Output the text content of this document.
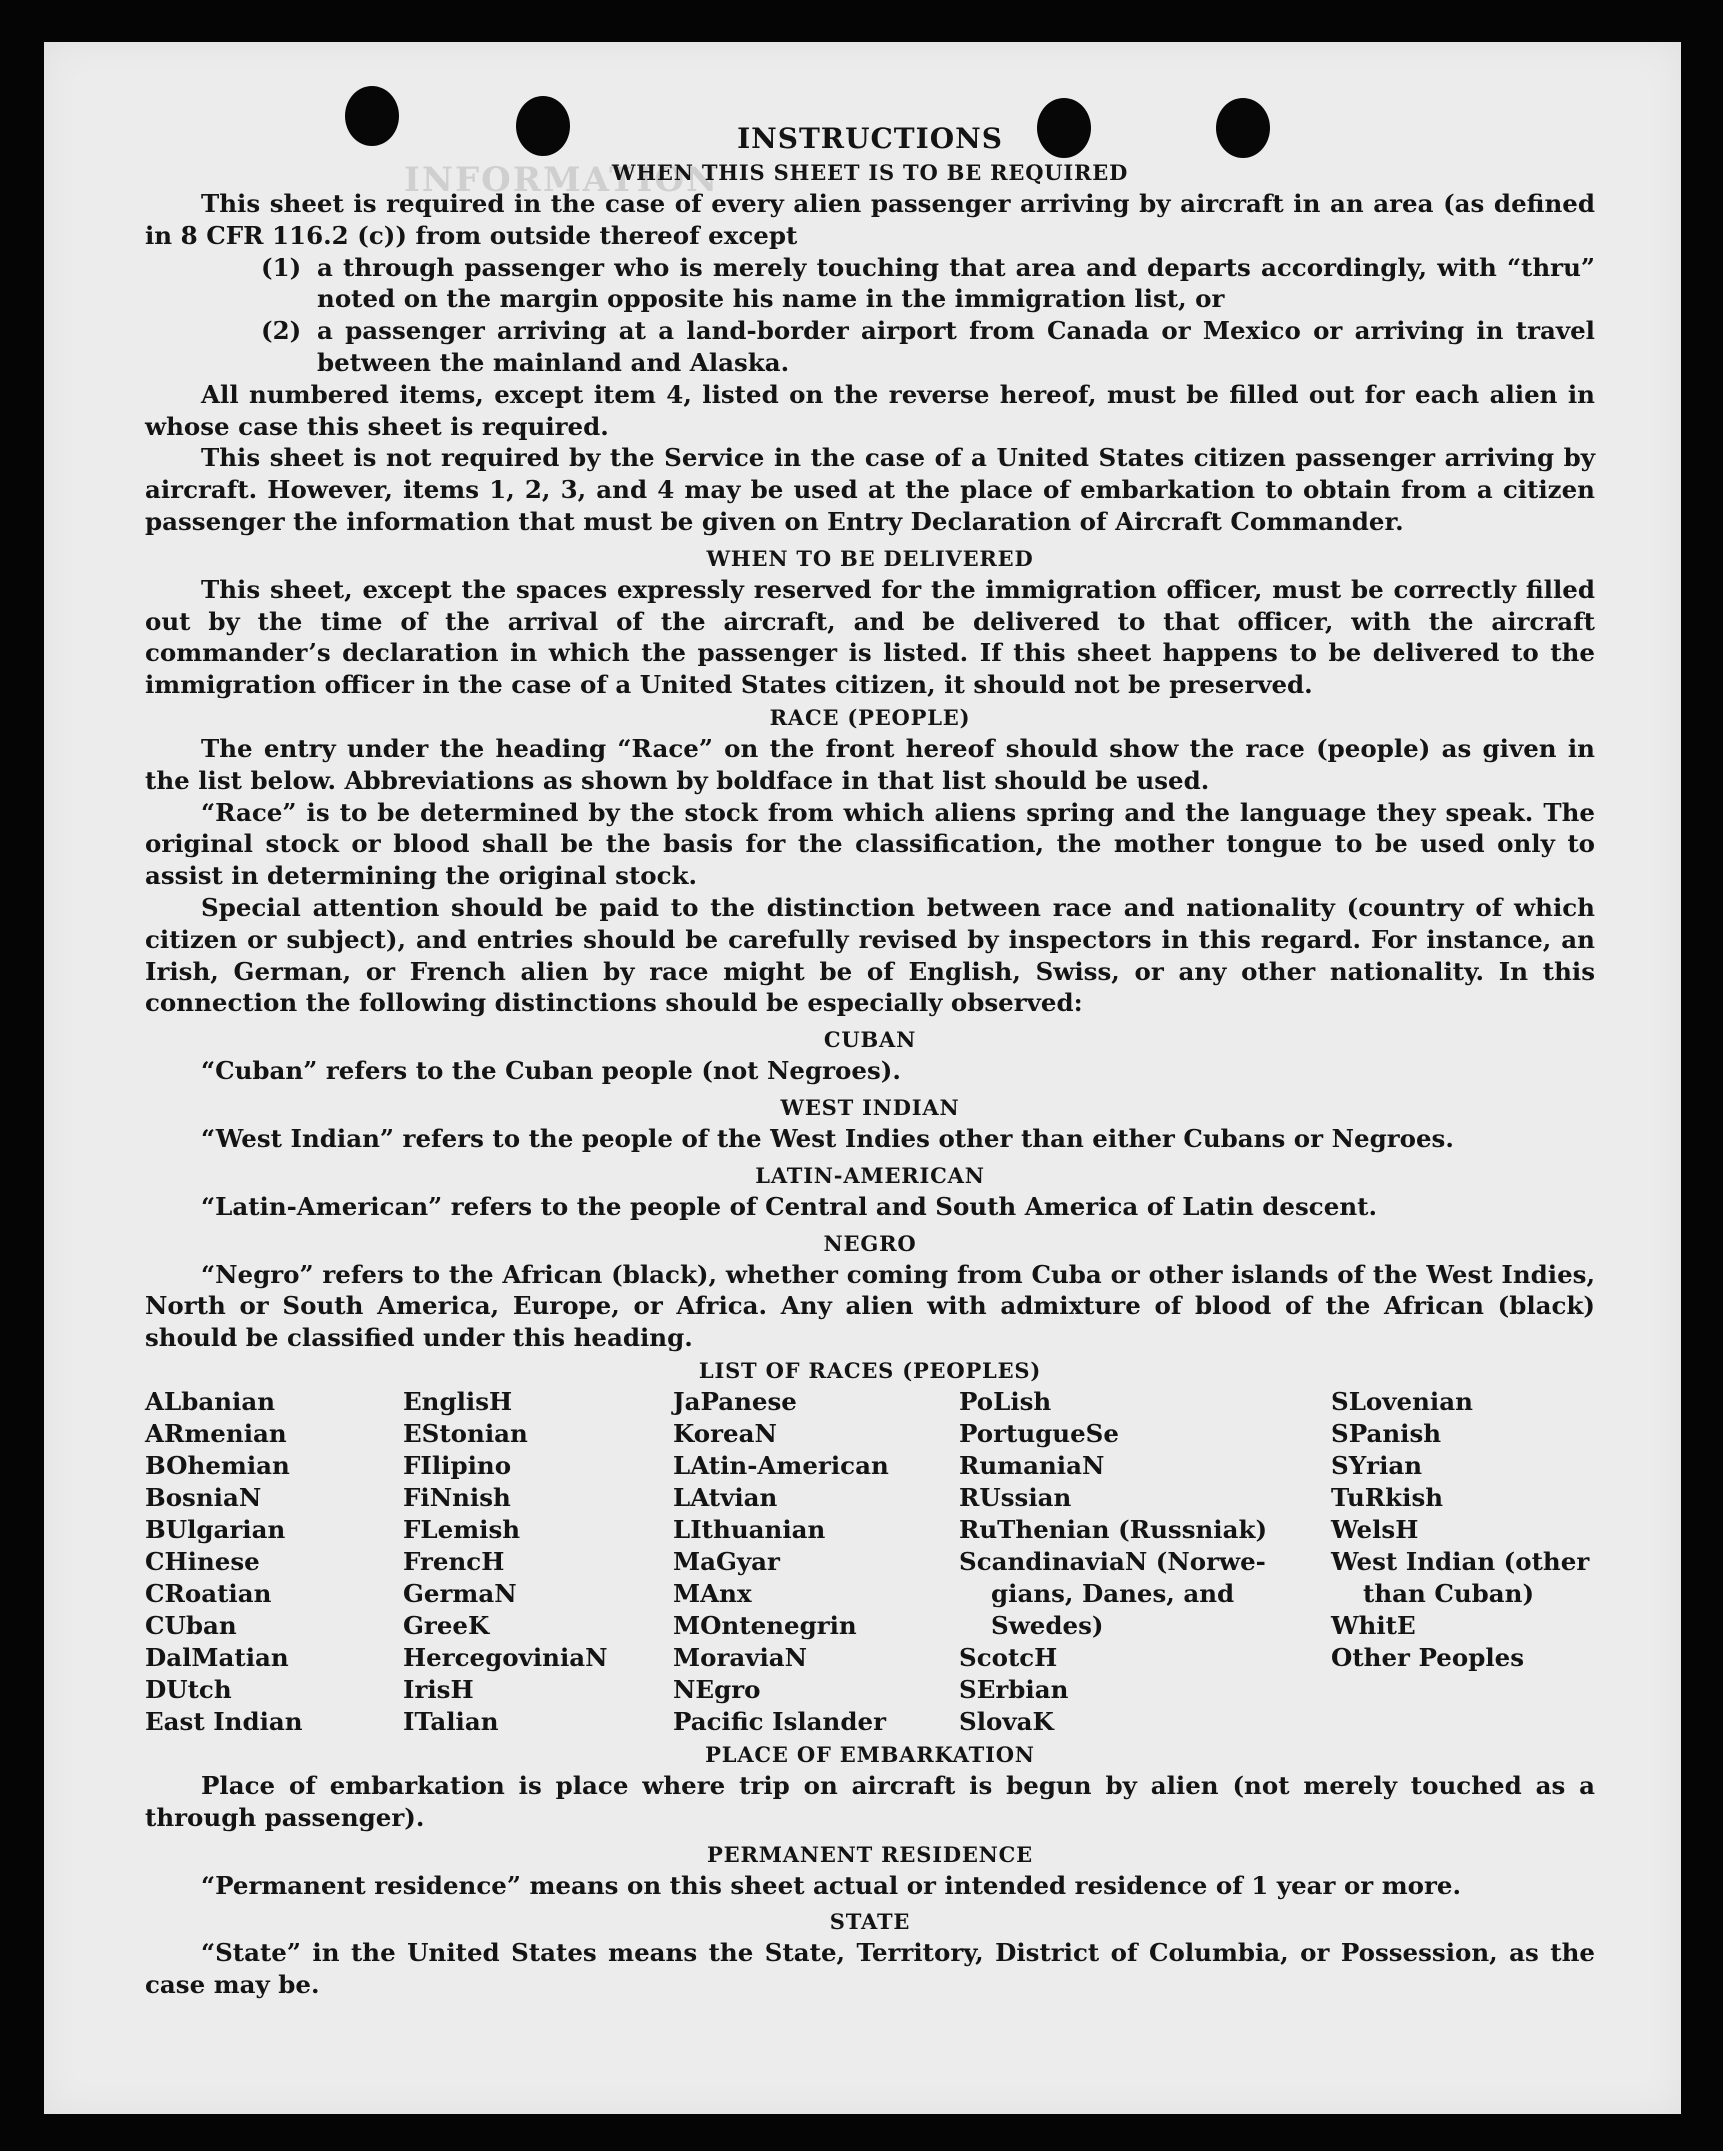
INFORMATION
INSTRUCTIONS
WHEN THIS SHEET IS TO BE REQUIRED

This sheet is required in the case of every alien passenger arriving by aircraft in an area (as defined in 8 CFR 116.2 (c)) from outside thereof except

(1) a through passenger who is merely touching that area and departs accordingly, with “thru” noted on the margin opposite his name in the immigration list, or
(2) a passenger arriving at a land-border airport from Canada or Mexico or arriving in travel between the mainland and Alaska.

All numbered items, except item 4, listed on the reverse hereof, must be filled out for each alien in whose case this sheet is required.

This sheet is not required by the Service in the case of a United States citizen passenger arriving by aircraft. However, items 1, 2, 3, and 4 may be used at the place of embarkation to obtain from a citizen passenger the information that must be given on Entry Declaration of Aircraft Commander.

WHEN TO BE DELIVERED

This sheet, except the spaces expressly reserved for the immigration officer, must be correctly filled out by the time of the arrival of the aircraft, and be delivered to that officer, with the aircraft commander’s declaration in which the passenger is listed. If this sheet happens to be delivered to the immigration officer in the case of a United States citizen, it should not be preserved.

RACE (PEOPLE)

The entry under the heading “Race” on the front hereof should show the race (people) as given in the list below. Abbreviations as shown by boldface in that list should be used.

“Race” is to be determined by the stock from which aliens spring and the language they speak. The original stock or blood shall be the basis for the classification, the mother tongue to be used only to assist in determining the original stock.

Special attention should be paid to the distinction between race and nationality (country of which citizen or subject), and entries should be carefully revised by inspectors in this regard. For instance, an Irish, German, or French alien by race might be of English, Swiss, or any other nationality. In this connection the following distinctions should be especially observed:

CUBAN

“Cuban” refers to the Cuban people (not Negroes).

WEST INDIAN

“West Indian” refers to the people of the West Indies other than either Cubans or Negroes.

LATIN-AMERICAN

“Latin-American” refers to the people of Central and South America of Latin descent.

NEGRO

“Negro” refers to the African (black), whether coming from Cuba or other islands of the West Indies, North or South America, Europe, or Africa. Any alien with admixture of blood of the African (black) should be classified under this heading.

LIST OF RACES (PEOPLES)
ALbanian
ARmenian
BOhemian
BosniaN
BUlgarian
CHinese
CRoatian
CUban
DalMatian
DUtch
East Indian
EnglisH
EStonian
FIlipino
FiNnish
FLemish
FrencH
GermaN
GreeK
HercegoviniaN
IrisH
ITalian
JaPanese
KoreaN
LAtin-American
LAtvian
LIthuanian
MaGyar
MAnx
MOntenegrin
MoraviaN
NEgro
Pacific Islander
PoLish
PortugueSe
RumaniaN
RUssian
RuThenian (Russniak)
ScandinaviaN (Norwe-
gians, Danes, and
Swedes)
ScotcH
SErbian
SlovaK
SLovenian
SPanish
SYrian
TuRkish
WelsH
West Indian (other
than Cuban)
WhitE
Other Peoples
PLACE OF EMBARKATION

Place of embarkation is place where trip on aircraft is begun by alien (not merely touched as a through passenger).

PERMANENT RESIDENCE

“Permanent residence” means on this sheet actual or intended residence of 1 year or more.

STATE

“State” in the United States means the State, Territory, District of Columbia, or Possession, as the case may be.
